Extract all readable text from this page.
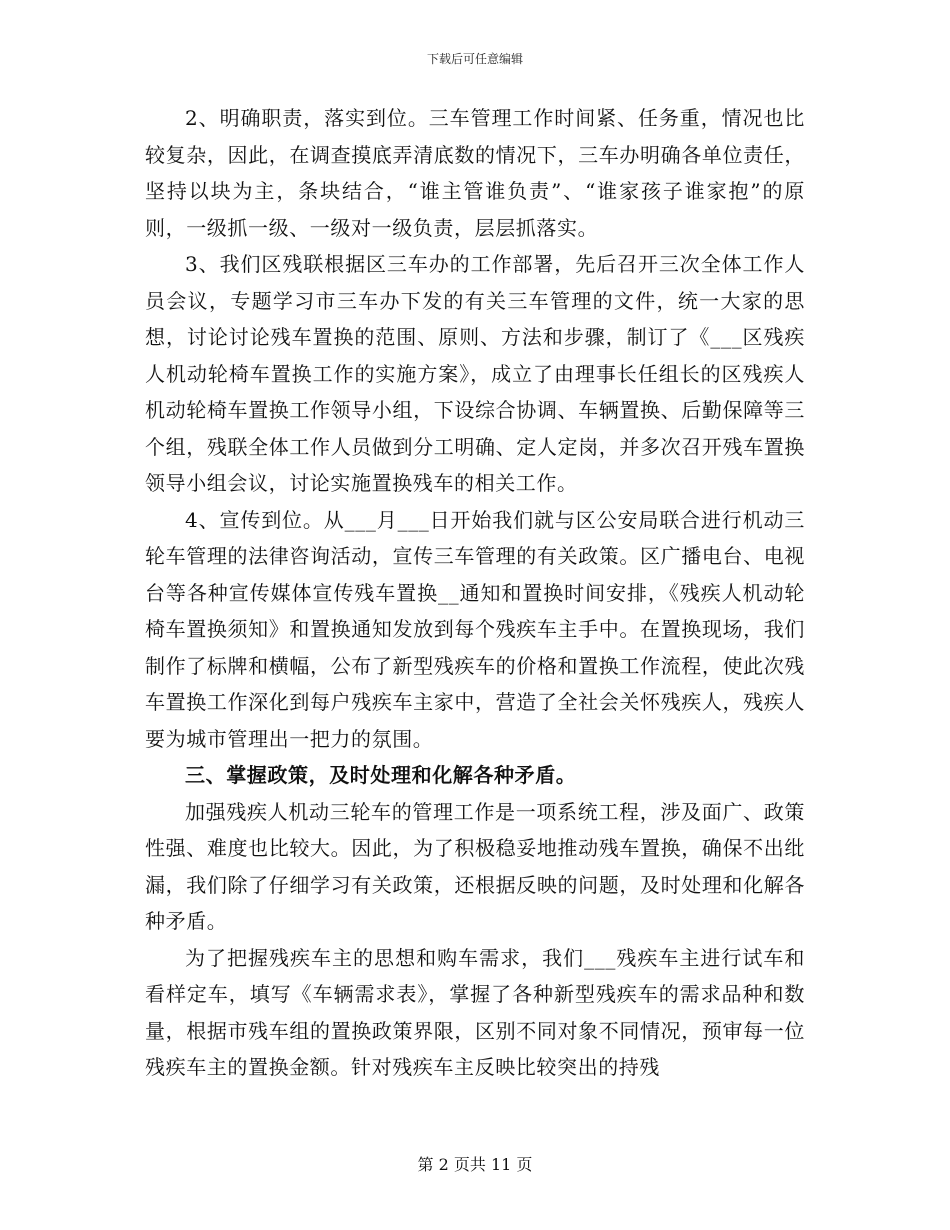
下载后可任意编辑

2、明确职责，落实到位。三车管理工作时间紧、任务重，情况也比较复杂，因此，在调查摸底弄清底数的情况下，三车办明确各单位责任，坚持以块为主，条块结合，“谁主管谁负责”、“谁家孩子谁家抱”的原则，一级抓一级、一级对一级负责，层层抓落实。

3、我们区残联根据区三车办的工作部署，先后召开三次全体工作人员会议，专题学习市三车办下发的有关三车管理的文件，统一大家的思想，讨论讨论残车置换的范围、原则、方法和步骤，制订了《___区残疾人机动轮椅车置换工作的实施方案》，成立了由理事长任组长的区残疾人机动轮椅车置换工作领导小组，下设综合协调、车辆置换、后勤保障等三个组，残联全体工作人员做到分工明确、定人定岗，并多次召开残车置换领导小组会议，讨论实施置换残车的相关工作。

4、宣传到位。从___月___日开始我们就与区公安局联合进行机动三轮车管理的法律咨询活动，宣传三车管理的有关政策。区广播电台、电视台等各种宣传媒体宣传残车置换__通知和置换时间安排，《残疾人机动轮椅车置换须知》和置换通知发放到每个残疾车主手中。在置换现场，我们制作了标牌和横幅，公布了新型残疾车的价格和置换工作流程，使此次残车置换工作深化到每户残疾车主家中，营造了全社会关怀残疾人，残疾人要为城市管理出一把力的氛围。

三、掌握政策，及时处理和化解各种矛盾。

加强残疾人机动三轮车的管理工作是一项系统工程，涉及面广、政策性强、难度也比较大。因此，为了积极稳妥地推动残车置换，确保不出纰漏，我们除了仔细学习有关政策，还根据反映的问题，及时处理和化解各种矛盾。

为了把握残疾车主的思想和购车需求，我们___残疾车主进行试车和看样定车，填写《车辆需求表》，掌握了各种新型残疾车的需求品种和数量，根据市残车组的置换政策界限，区别不同对象不同情况，预审每一位残疾车主的置换金额。针对残疾车主反映比较突出的持残

第 2 页共 11 页
